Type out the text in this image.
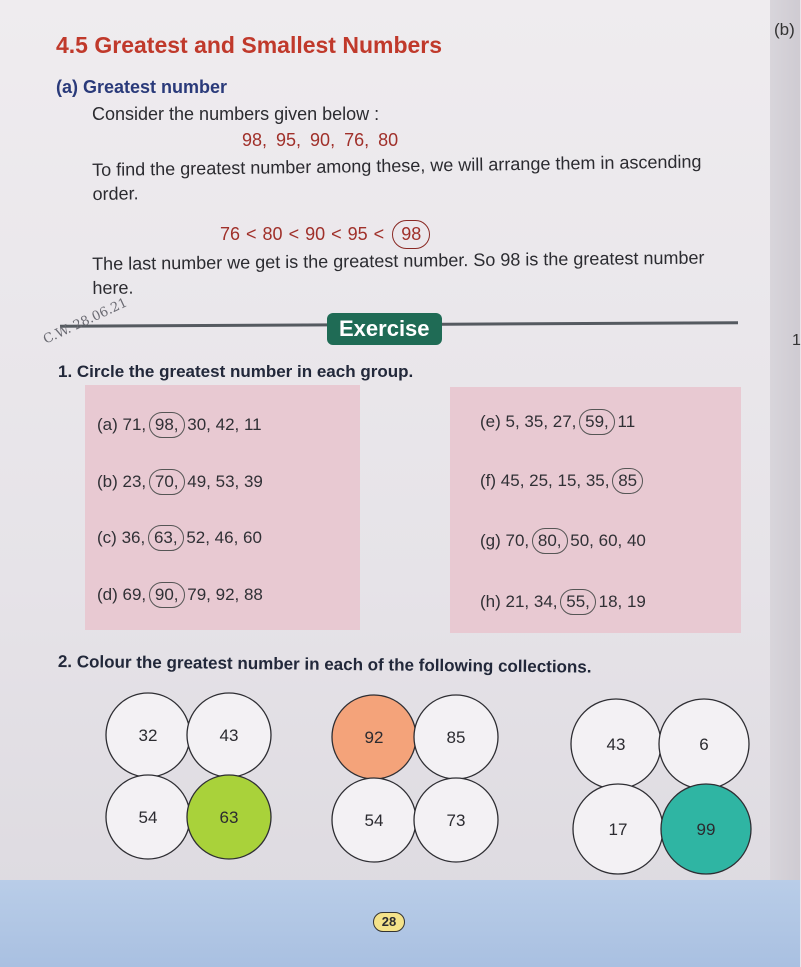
(b)
1
4.5 Greatest and Smallest Numbers
(a) Greatest number
Consider the numbers given below :
98, 95, 90, 76, 80
To find the greatest number among these, we will arrange them in ascending order.
76 < 80 < 90 < 95 < 98
The last number we get is the greatest number. So 98 is the greatest number here.
Exercise
C.W. 28.06.21
1. Circle the greatest number in each group.
(a) 71, 98, 30, 42, 11
(b) 23, 70, 49, 53, 39
(c) 36, 63, 52, 46, 60
(d) 69, 90, 79, 92, 88
(e) 5, 35, 27, 59, 11
(f) 45, 25, 15, 35, 85
(g) 70, 80, 50, 60, 40
(h) 21, 34, 55, 18, 19
2. Colour the greatest number in each of the following collections.
28
32	43
54	63
92	85
54	73
43	6
17	99
